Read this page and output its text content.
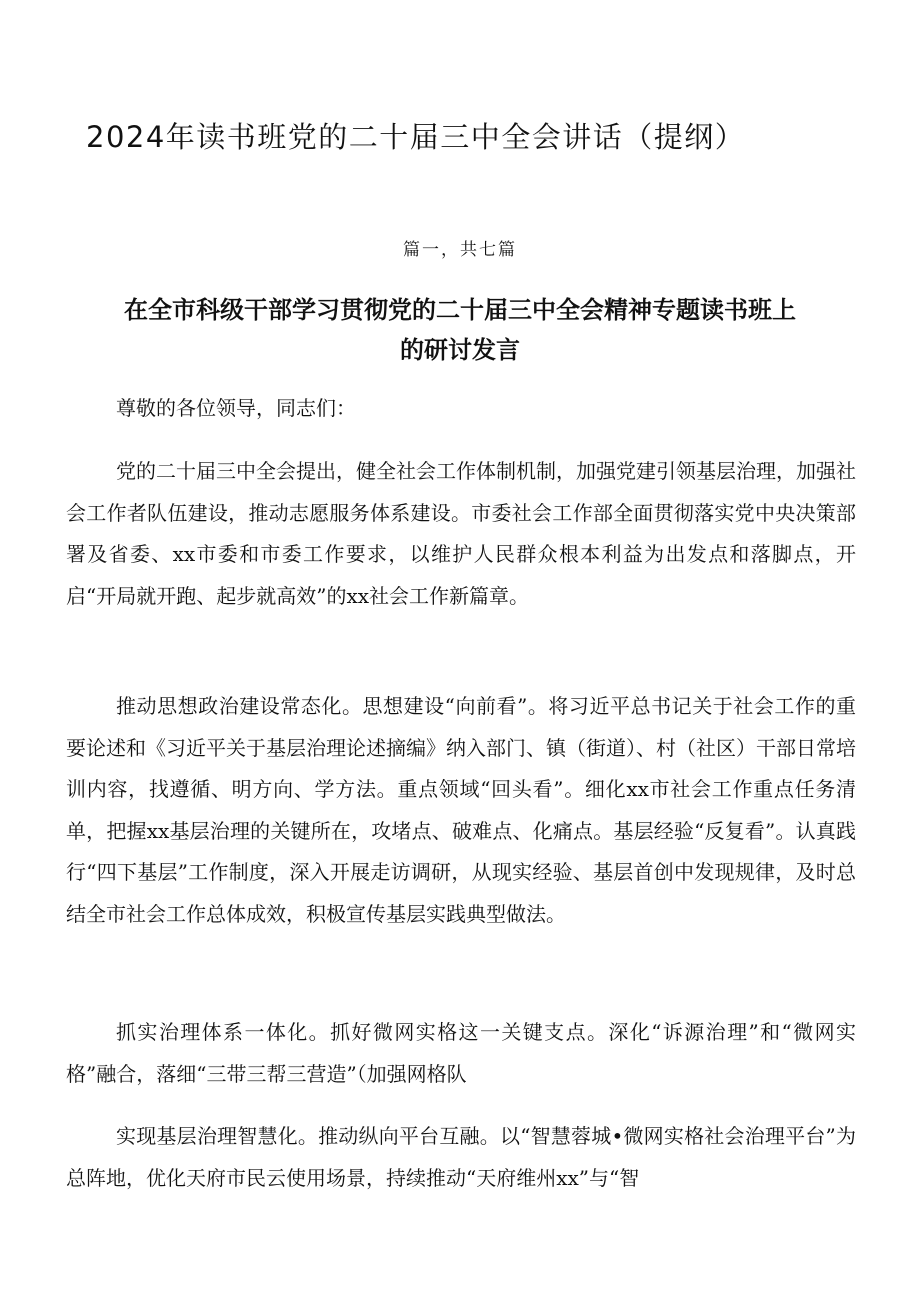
2024年读书班党的二十届三中全会讲话（提纲）
篇一，共七篇
在全市科级干部学习贯彻党的二十届三中全会精神专题读书班上的研讨发言

尊敬的各位领导，同志们：

党的二十届三中全会提出，健全社会工作体制机制，加强党建引领基层治理，加强社会工作者队伍建设，推动志愿服务体系建设。市委社会工作部全面贯彻落实党中央决策部署及省委、xx市委和市委工作要求，以维护人民群众根本利益为出发点和落脚点，开启“开局就开跑、起步就高效”的xx社会工作新篇章。

推动思想政治建设常态化。思想建设“向前看”。将习近平总书记关于社会工作的重要论述和《习近平关于基层治理论述摘编》纳入部门、镇（街道）、村（社区）干部日常培训内容，找遵循、明方向、学方法。重点领域“回头看”。细化xx市社会工作重点任务清单，把握xx基层治理的关键所在，攻堵点、破难点、化痛点。基层经验“反复看”。认真践行“四下基层”工作制度，深入开展走访调研，从现实经验、基层首创中发现规律，及时总结全市社会工作总体成效，积极宣传基层实践典型做法。

抓实治理体系一体化。抓好微网实格这一关键支点。深化“诉源治理”和“微网实格”融合，落细“三带三帮三营造”（加强网格队

实现基层治理智慧化。推动纵向平台互融。以“智慧蓉城•微网实格社会治理平台”为总阵地，优化天府市民云使用场景，持续推动“天府维州xx”与“智
